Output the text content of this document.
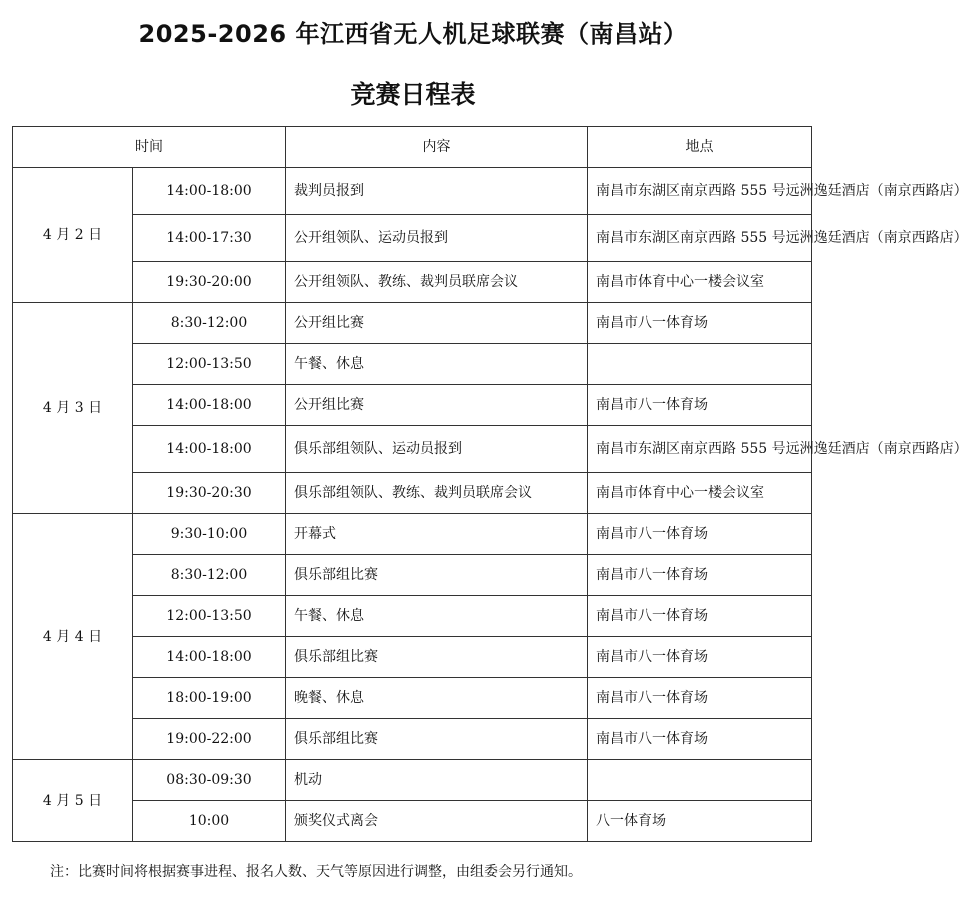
2025-2026 年江西省无人机足球联赛（南昌站）
竞赛日程表
时间		内容	地点
4 月 2 日	14:00-18:00	裁判员报到	南昌市东湖区南京西路 555 号远洲逸廷酒店（南京西路店）
	14:00-17:30	公开组领队、运动员报到	南昌市东湖区南京西路 555 号远洲逸廷酒店（南京西路店）
	19:30-20:00	公开组领队、教练、裁判员联席会议	南昌市体育中心一楼会议室
4 月 3 日	8:30-12:00	公开组比赛	南昌市八一体育场
	12:00-13:50	午餐、休息	
	14:00-18:00	公开组比赛	南昌市八一体育场
	14:00-18:00	俱乐部组领队、运动员报到	南昌市东湖区南京西路 555 号远洲逸廷酒店（南京西路店）
	19:30-20:30	俱乐部组领队、教练、裁判员联席会议	南昌市体育中心一楼会议室
4 月 4 日	9:30-10:00	开幕式	南昌市八一体育场
	8:30-12:00	俱乐部组比赛	南昌市八一体育场
	12:00-13:50	午餐、休息	南昌市八一体育场
	14:00-18:00	俱乐部组比赛	南昌市八一体育场
	18:00-19:00	晚餐、休息	南昌市八一体育场
	19:00-22:00	俱乐部组比赛	南昌市八一体育场
4 月 5 日	08:30-09:30	机动	
	10:00	颁奖仪式离会	八一体育场
注：比赛时间将根据赛事进程、报名人数、天气等原因进行调整，由组委会另行通知。
